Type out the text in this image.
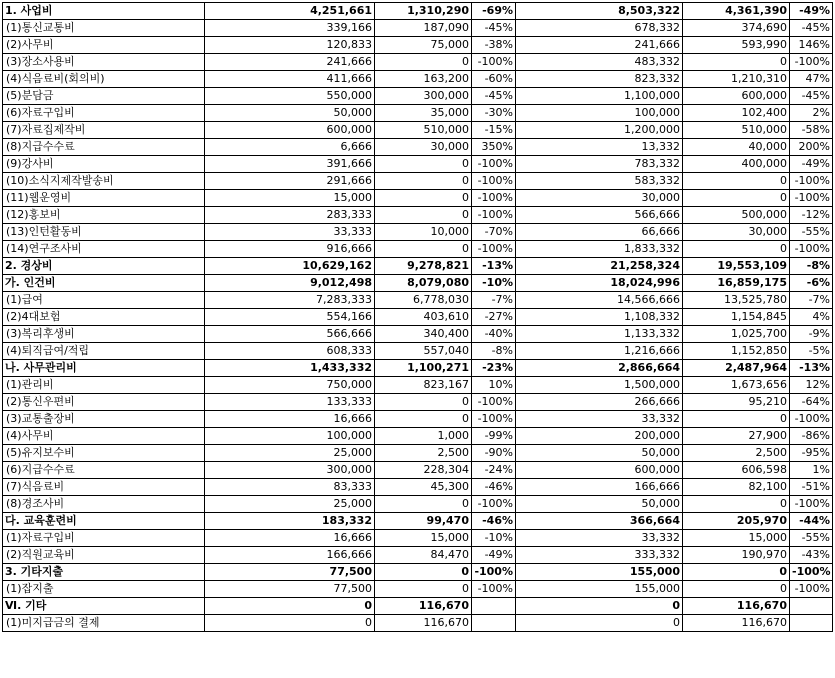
1. 사업비	4,251,661	1,310,290	-69%	8,503,322	4,361,390	-49%
(1)통신교통비	339,166	187,090	-45%	678,332	374,690	-45%
(2)사무비	120,833	75,000	-38%	241,666	593,990	146%
(3)장소사용비	241,666	0	-100%	483,332	0	-100%
(4)식음료비(회의비)	411,666	163,200	-60%	823,332	1,210,310	47%
(5)분담금	550,000	300,000	-45%	1,100,000	600,000	-45%
(6)자료구입비	50,000	35,000	-30%	100,000	102,400	2%
(7)자료집제작비	600,000	510,000	-15%	1,200,000	510,000	-58%
(8)지급수수료	6,666	30,000	350%	13,332	40,000	200%
(9)강사비	391,666	0	-100%	783,332	400,000	-49%
(10)소식지제작발송비	291,666	0	-100%	583,332	0	-100%
(11)웹운영비	15,000	0	-100%	30,000	0	-100%
(12)홍보비	283,333	0	-100%	566,666	500,000	-12%
(13)인턴활동비	33,333	10,000	-70%	66,666	30,000	-55%
(14)연구조사비	916,666	0	-100%	1,833,332	0	-100%
2. 경상비	10,629,162	9,278,821	-13%	21,258,324	19,553,109	-8%
가. 인건비	9,012,498	8,079,080	-10%	18,024,996	16,859,175	-6%
(1)급여	7,283,333	6,778,030	-7%	14,566,666	13,525,780	-7%
(2)4대보험	554,166	403,610	-27%	1,108,332	1,154,845	4%
(3)복리후생비	566,666	340,400	-40%	1,133,332	1,025,700	-9%
(4)퇴직급여/적립	608,333	557,040	-8%	1,216,666	1,152,850	-5%
나. 사무관리비	1,433,332	1,100,271	-23%	2,866,664	2,487,964	-13%
(1)관리비	750,000	823,167	10%	1,500,000	1,673,656	12%
(2)통신우편비	133,333	0	-100%	266,666	95,210	-64%
(3)교통출장비	16,666	0	-100%	33,332	0	-100%
(4)사무비	100,000	1,000	-99%	200,000	27,900	-86%
(5)유지보수비	25,000	2,500	-90%	50,000	2,500	-95%
(6)지급수수료	300,000	228,304	-24%	600,000	606,598	1%
(7)식음료비	83,333	45,300	-46%	166,666	82,100	-51%
(8)경조사비	25,000	0	-100%	50,000	0	-100%
다. 교육훈련비	183,332	99,470	-46%	366,664	205,970	-44%
(1)자료구입비	16,666	15,000	-10%	33,332	15,000	-55%
(2)직원교육비	166,666	84,470	-49%	333,332	190,970	-43%
3. 기타지출	77,500	0	-100%	155,000	0	-100%
(1)잡지출	77,500	0	-100%	155,000	0	-100%
Ⅵ. 기타	0	116,670		0	116,670	
(1)미지급금의 결제	0	116,670		0	116,670	
